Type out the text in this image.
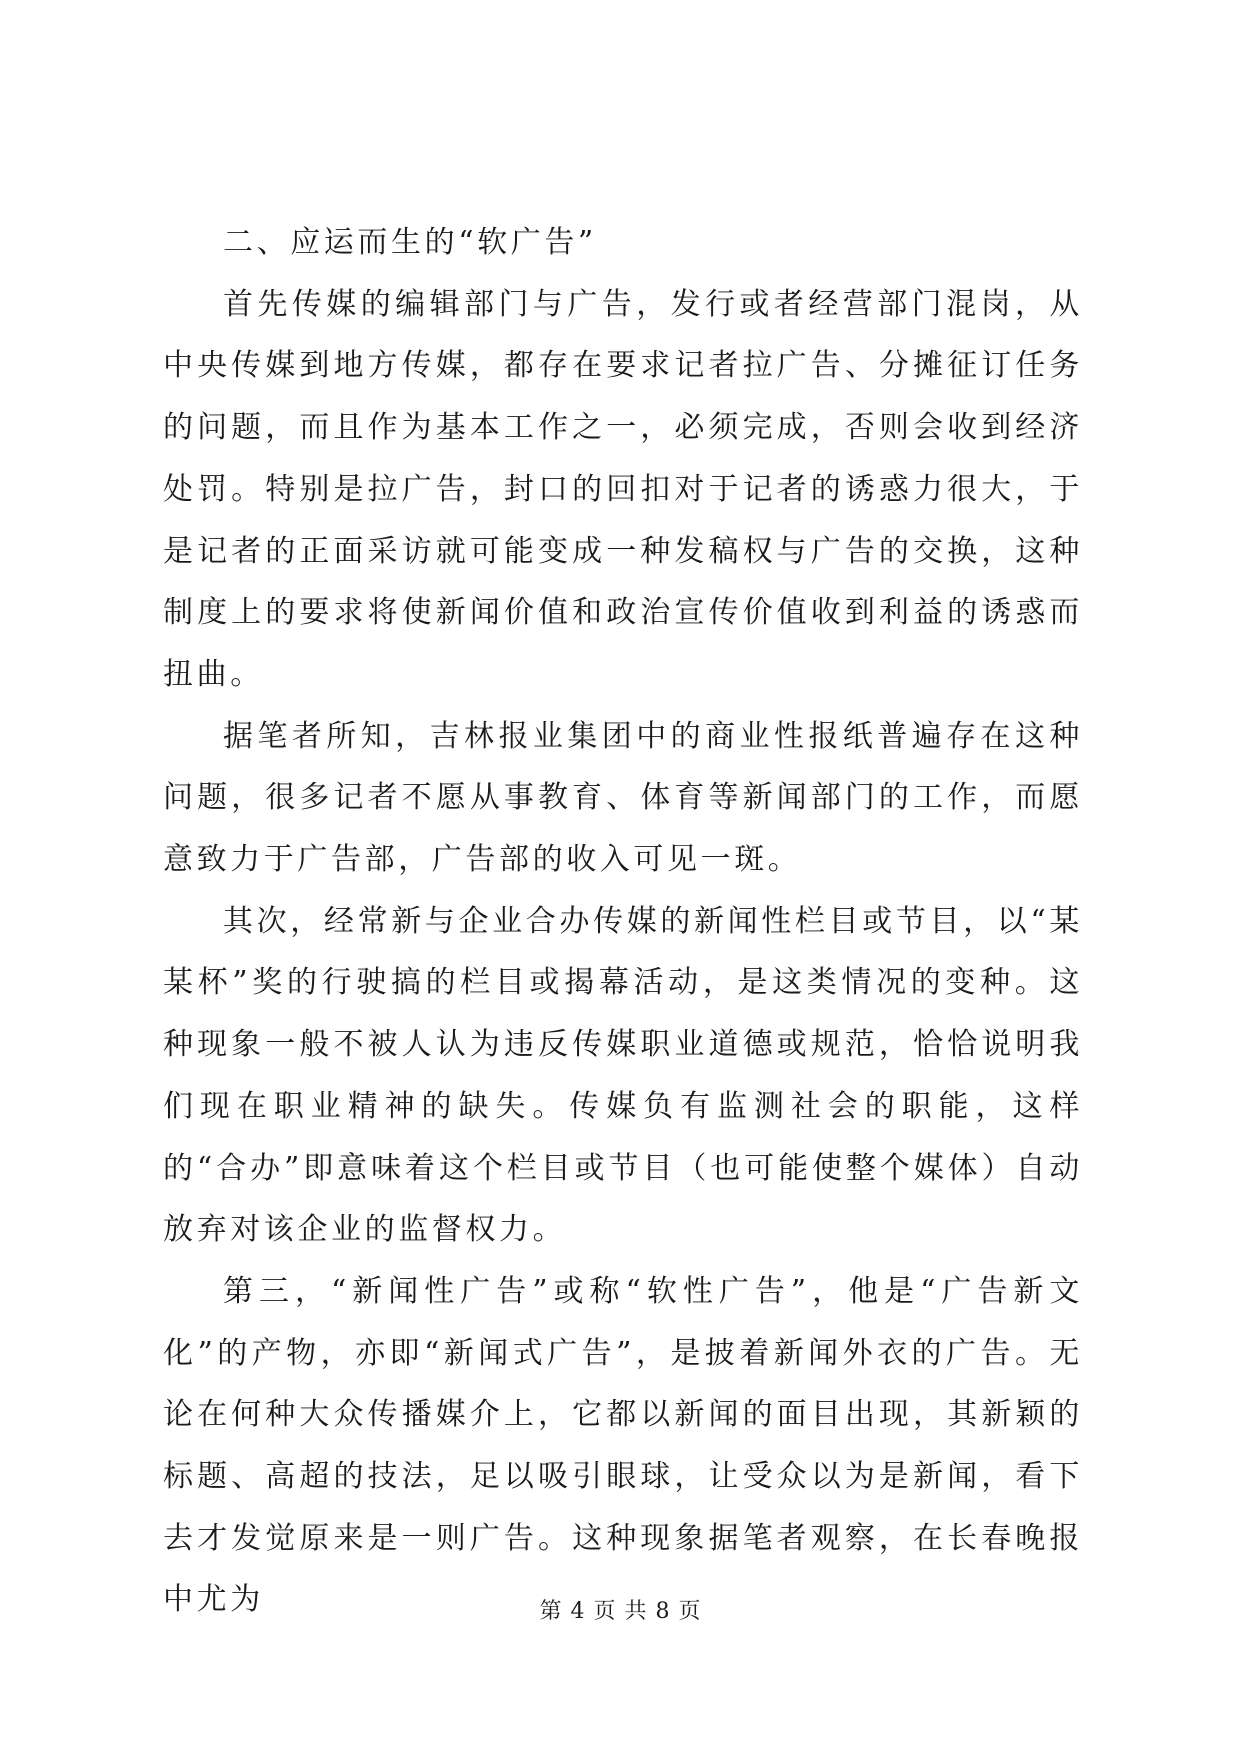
二、应运而生的“软广告”

首先传媒的编辑部门与广告，发行或者经营部门混岗，从中央传媒到地方传媒，都存在要求记者拉广告、分摊征订任务的问题，而且作为基本工作之一，必须完成，否则会收到经济处罚。特别是拉广告，封口的回扣对于记者的诱惑力很大，于是记者的正面采访就可能变成一种发稿权与广告的交换，这种制度上的要求将使新闻价值和政治宣传价值收到利益的诱惑而扭曲。

据笔者所知，吉林报业集团中的商业性报纸普遍存在这种问题，很多记者不愿从事教育、体育等新闻部门的工作，而愿意致力于广告部，广告部的收入可见一斑。

其次，经常新与企业合办传媒的新闻性栏目或节目，以“某某杯”奖的行驶搞的栏目或揭幕活动，是这类情况的变种。这种现象一般不被人认为违反传媒职业道德或规范，恰恰说明我们现在职业精神的缺失。传媒负有监测社会的职能，这样的“合办”即意味着这个栏目或节目（也可能使整个媒体）自动放弃对该企业的监督权力。

第三，“新闻性广告”或称“软性广告”，他是“广告新文化”的产物，亦即“新闻式广告”，是披着新闻外衣的广告。无论在何种大众传播媒介上，它都以新闻的面目出现，其新颖的标题、高超的技法，足以吸引眼球，让受众以为是新闻，看下去才发觉原来是一则广告。这种现象据笔者观察，在长春晚报中尤为	第 4 页 共 8 页
